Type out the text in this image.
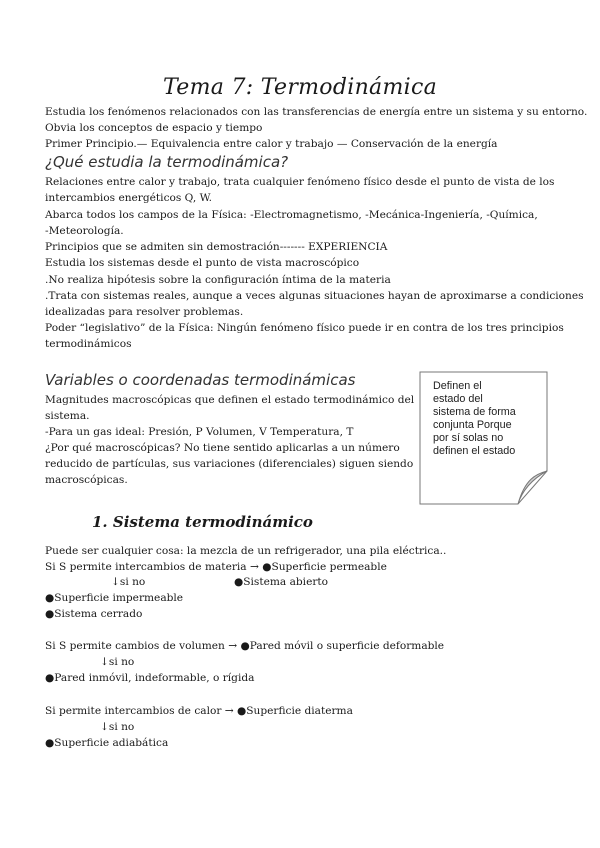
Tema 7: Termodinámica
Estudia los fenómenos relacionados con las transferencias de energía entre un sistema y su entorno.
Obvia los conceptos de espacio y tiempo
Primer Principio.— Equivalencia entre calor y trabajo — Conservación de la energía
¿Qué estudia la termodinámica?
Relaciones entre calor y trabajo, trata cualquier fenómeno físico desde el punto de vista de los
intercambios energéticos Q, W.
Abarca todos los campos de la Física: -Electromagnetismo, -Mecánica-Ingeniería, -Química,
-Meteorología.
Principios que se admiten sin demostración------- EXPERIENCIA
Estudia los sistemas desde el punto de vista macroscópico
.No realiza hipótesis sobre la configuración íntima de la materia
.Trata con sistemas reales, aunque a veces algunas situaciones hayan de aproximarse a condiciones
idealizadas para resolver problemas.
Poder “legislativo” de la Física: Ningún fenómeno físico puede ir en contra de los tres principios
termodinámicos
Variables o coordenadas termodinámicas
Magnitudes macroscópicas que definen el estado termodinámico del
sistema.
-Para un gas ideal: Presión, P Volumen, V Temperatura, T
¿Por qué macroscópicas? No tiene sentido aplicarlas a un número
reducido de partículas, sus variaciones (diferenciales) siguen siendo
macroscópicas.
Definen el
estado del
sistema de forma
conjunta Porque
por sí solas no
definen el estado
1. Sistema termodinámico
Puede ser cualquier cosa: la mezcla de un refrigerador, una pila eléctrica..
Si S permite intercambios de materia → ●Superficie permeable
↓si no	●Sistema abierto
●Superficie impermeable
●Sistema cerrado
Si S permite cambios de volumen → ●Pared móvil o superficie deformable
↓si no
●Pared inmóvil, indeformable, o rígida
Si permite intercambios de calor → ●Superficie diaterma
↓si no
●Superficie adiabática
